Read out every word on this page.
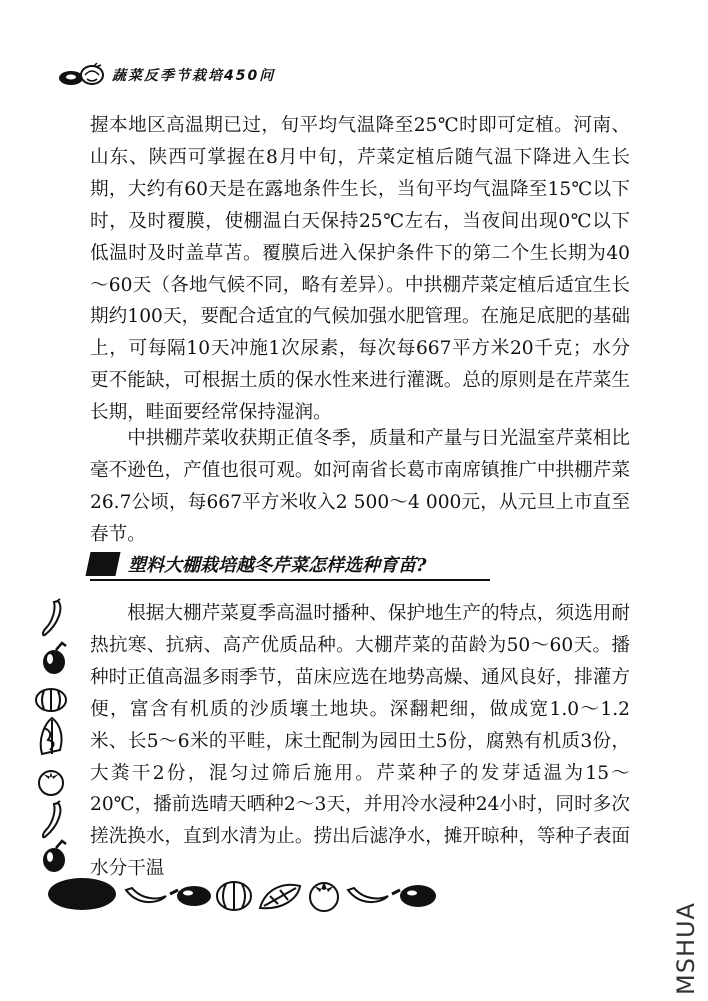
蔬菜反季节栽培450问

握本地区高温期已过，旬平均气温降至25℃时即可定植。河南、山东、陕西可掌握在8月中旬，芹菜定植后随气温下降进入生长期，大约有60天是在露地条件生长，当旬平均气温降至15℃以下时，及时覆膜，使棚温白天保持25℃左右，当夜间出现0℃以下低温时及时盖草苫。覆膜后进入保护条件下的第二个生长期为40～60天（各地气候不同，略有差异）。中拱棚芹菜定植后适宜生长期约100天，要配合适宜的气候加强水肥管理。在施足底肥的基础上，可每隔10天冲施1次尿素，每次每667平方米20千克；水分更不能缺，可根据土质的保水性来进行灌溉。总的原则是在芹菜生长期，畦面要经常保持湿润。

中拱棚芹菜收获期正值冬季，质量和产量与日光温室芹菜相比毫不逊色，产值也很可观。如河南省长葛市南席镇推广中拱棚芹菜26.7公顷，每667平方米收入2 500～4 000元，从元旦上市直至春节。

塑料大棚栽培越冬芹菜怎样选种育苗?

根据大棚芹菜夏季高温时播种、保护地生产的特点，须选用耐热抗寒、抗病、高产优质品种。大棚芹菜的苗龄为50～60天。播种时正值高温多雨季节，苗床应选在地势高燥、通风良好，排灌方便，富含有机质的沙质壤土地块。深翻耙细，做成宽1.0～1.2米、长5～6米的平畦，床土配制为园田土5份，腐熟有机质3份，大粪干2份，混匀过筛后施用。芹菜种子的发芽适温为15～20℃，播前选晴天晒种2～3天，并用冷水浸种24小时，同时多次搓洗换水，直到水清为止。捞出后滤净水，摊开晾种，等种子表面水分干温

MSHUA
